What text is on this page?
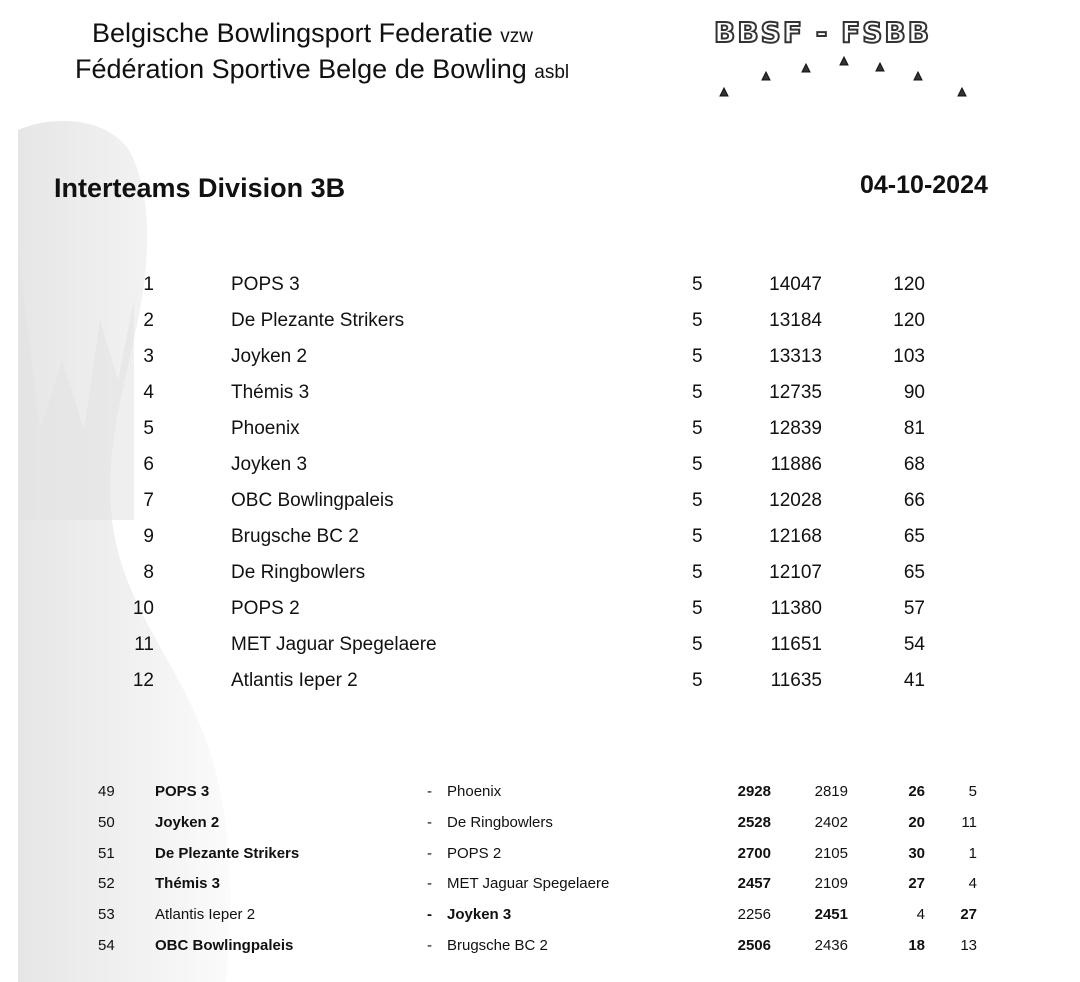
Belgische Bowlingsport Federatie vzw
Fédération Sportive Belge de Bowling asbl
BBSF - FSBB
Interteams Division 3B	04-10-2024
1	POPS 3	5	14047	120
2	De Plezante Strikers	5	13184	120
3	Joyken 2	5	13313	103
4	Thémis 3	5	12735	90
5	Phoenix	5	12839	81
6	Joyken 3	5	11886	68
7	OBC Bowlingpaleis	5	12028	66
9	Brugsche BC 2	5	12168	65
8	De Ringbowlers	5	12107	65
10	POPS 2	5	11380	57
11	MET Jaguar Spegelaere	5	11651	54
12	Atlantis Ieper 2	5	11635	41
49	POPS 3	- Phoenix	2928	2819	26	5
50	Joyken 2	- De Ringbowlers	2528	2402	20 11
51	De Plezante Strikers	- POPS 2	2700	2105	30	1
52	Thémis 3	- MET Jaguar Spegelaere	2457	2109	27	4
53	Atlantis Ieper 2	- Joyken 3	2256	2451	4 27
54	OBC Bowlingpaleis	- Brugsche BC 2	2506	2436	18 13
